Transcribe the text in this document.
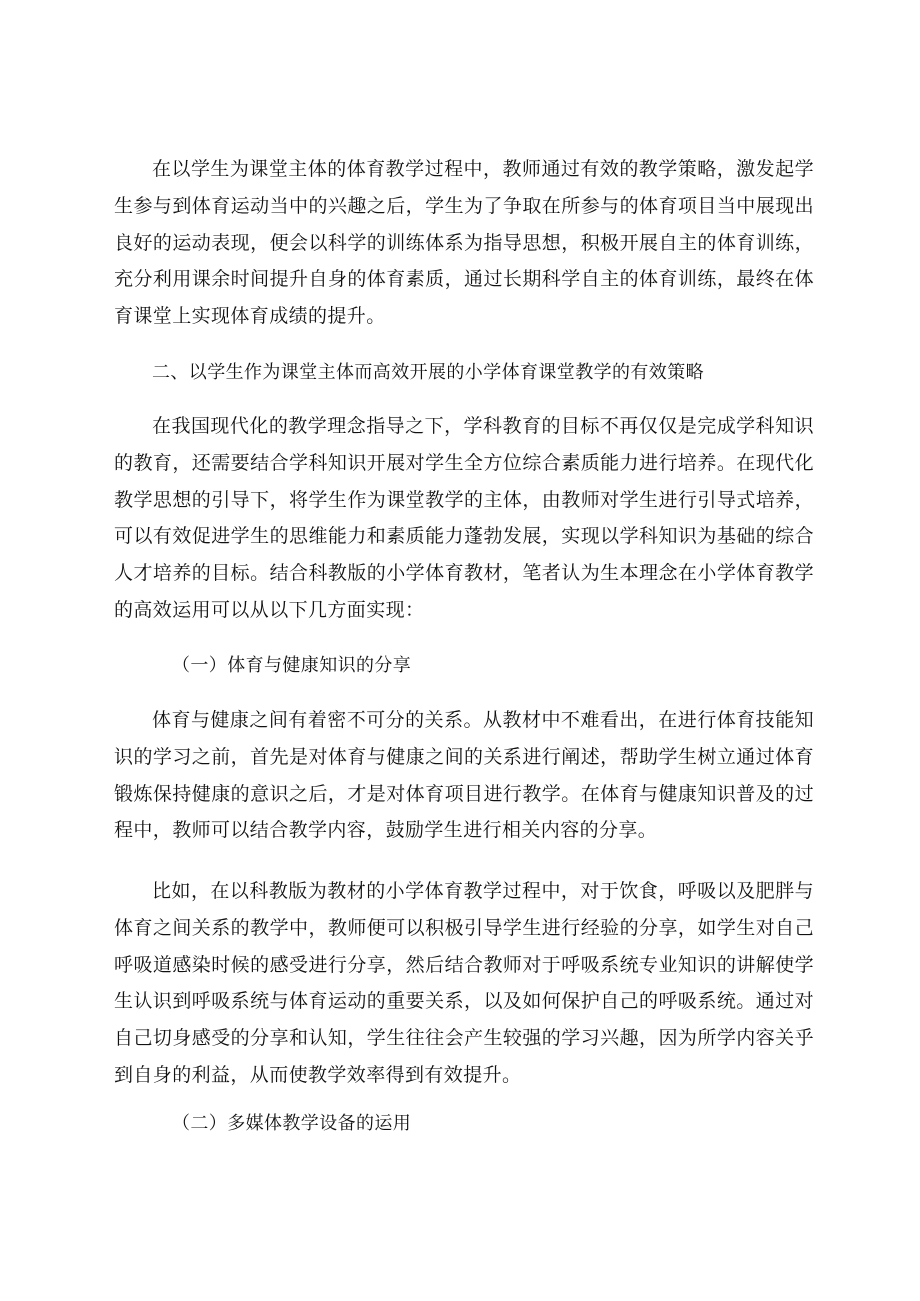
在以学生为课堂主体的体育教学过程中，教师通过有效的教学策略，激发起学生参与到体育运动当中的兴趣之后，学生为了争取在所参与的体育项目当中展现出良好的运动表现，便会以科学的训练体系为指导思想，积极开展自主的体育训练，充分利用课余时间提升自身的体育素质，通过长期科学自主的体育训练，最终在体育课堂上实现体育成绩的提升。

二、以学生作为课堂主体而高效开展的小学体育课堂教学的有效策略

在我国现代化的教学理念指导之下，学科教育的目标不再仅仅是完成学科知识的教育，还需要结合学科知识开展对学生全方位综合素质能力进行培养。在现代化教学思想的引导下，将学生作为课堂教学的主体，由教师对学生进行引导式培养，可以有效促进学生的思维能力和素质能力蓬勃发展，实现以学科知识为基础的综合人才培养的目标。结合科教版的小学体育教材，笔者认为生本理念在小学体育教学的高效运用可以从以下几方面实现：

（一）体育与健康知识的分享

体育与健康之间有着密不可分的关系。从教材中不难看出，在进行体育技能知识的学习之前，首先是对体育与健康之间的关系进行阐述，帮助学生树立通过体育锻炼保持健康的意识之后，才是对体育项目进行教学。在体育与健康知识普及的过程中，教师可以结合教学内容，鼓励学生进行相关内容的分享。

比如，在以科教版为教材的小学体育教学过程中，对于饮食，呼吸以及肥胖与体育之间关系的教学中，教师便可以积极引导学生进行经验的分享，如学生对自己呼吸道感染时候的感受进行分享，然后结合教师对于呼吸系统专业知识的讲解使学生认识到呼吸系统与体育运动的重要关系，以及如何保护自己的呼吸系统。通过对自己切身感受的分享和认知，学生往往会产生较强的学习兴趣，因为所学内容关乎到自身的利益，从而使教学效率得到有效提升。

（二）多媒体教学设备的运用
